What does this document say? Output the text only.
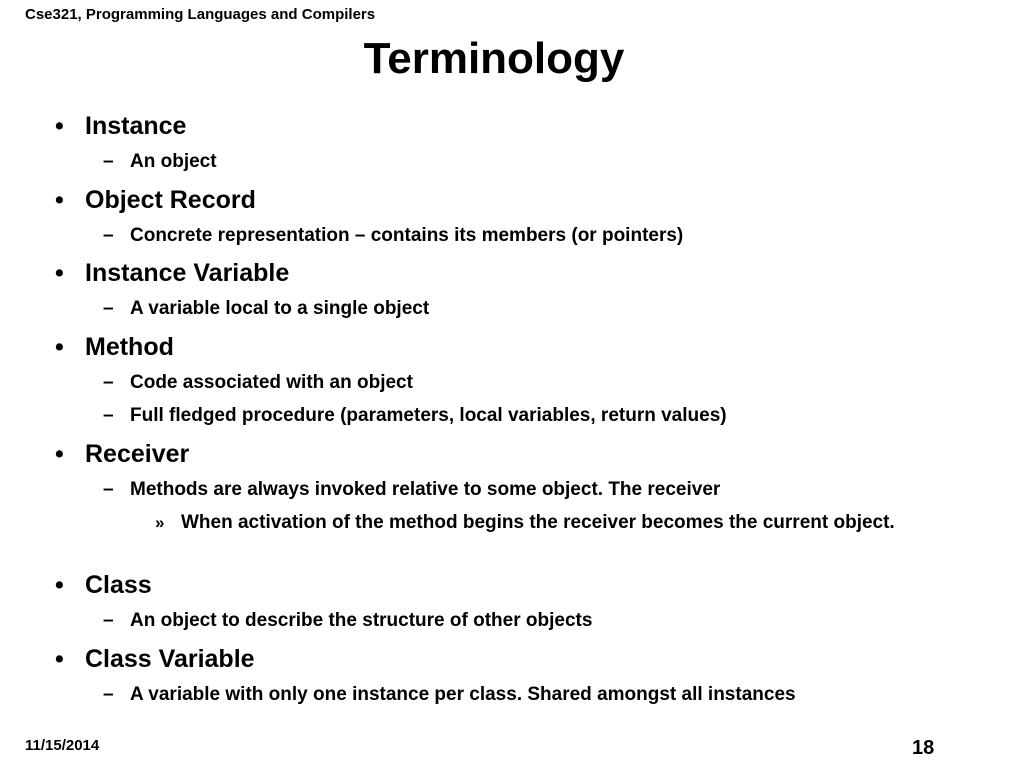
Cse321, Programming Languages and Compilers
Terminology
• Instance
– An object
• Object Record
– Concrete representation – contains its members (or pointers)
• Instance Variable
– A variable local to a single object
• Method
– Code associated with an object
– Full fledged procedure (parameters, local variables, return values)
• Receiver
– Methods are always invoked relative to some object. The receiver
» When activation of the method begins the receiver becomes the current object.
• Class
– An object to describe the structure of other objects
• Class Variable
– A variable with only one instance per class. Shared amongst all instances
11/15/2014	18
